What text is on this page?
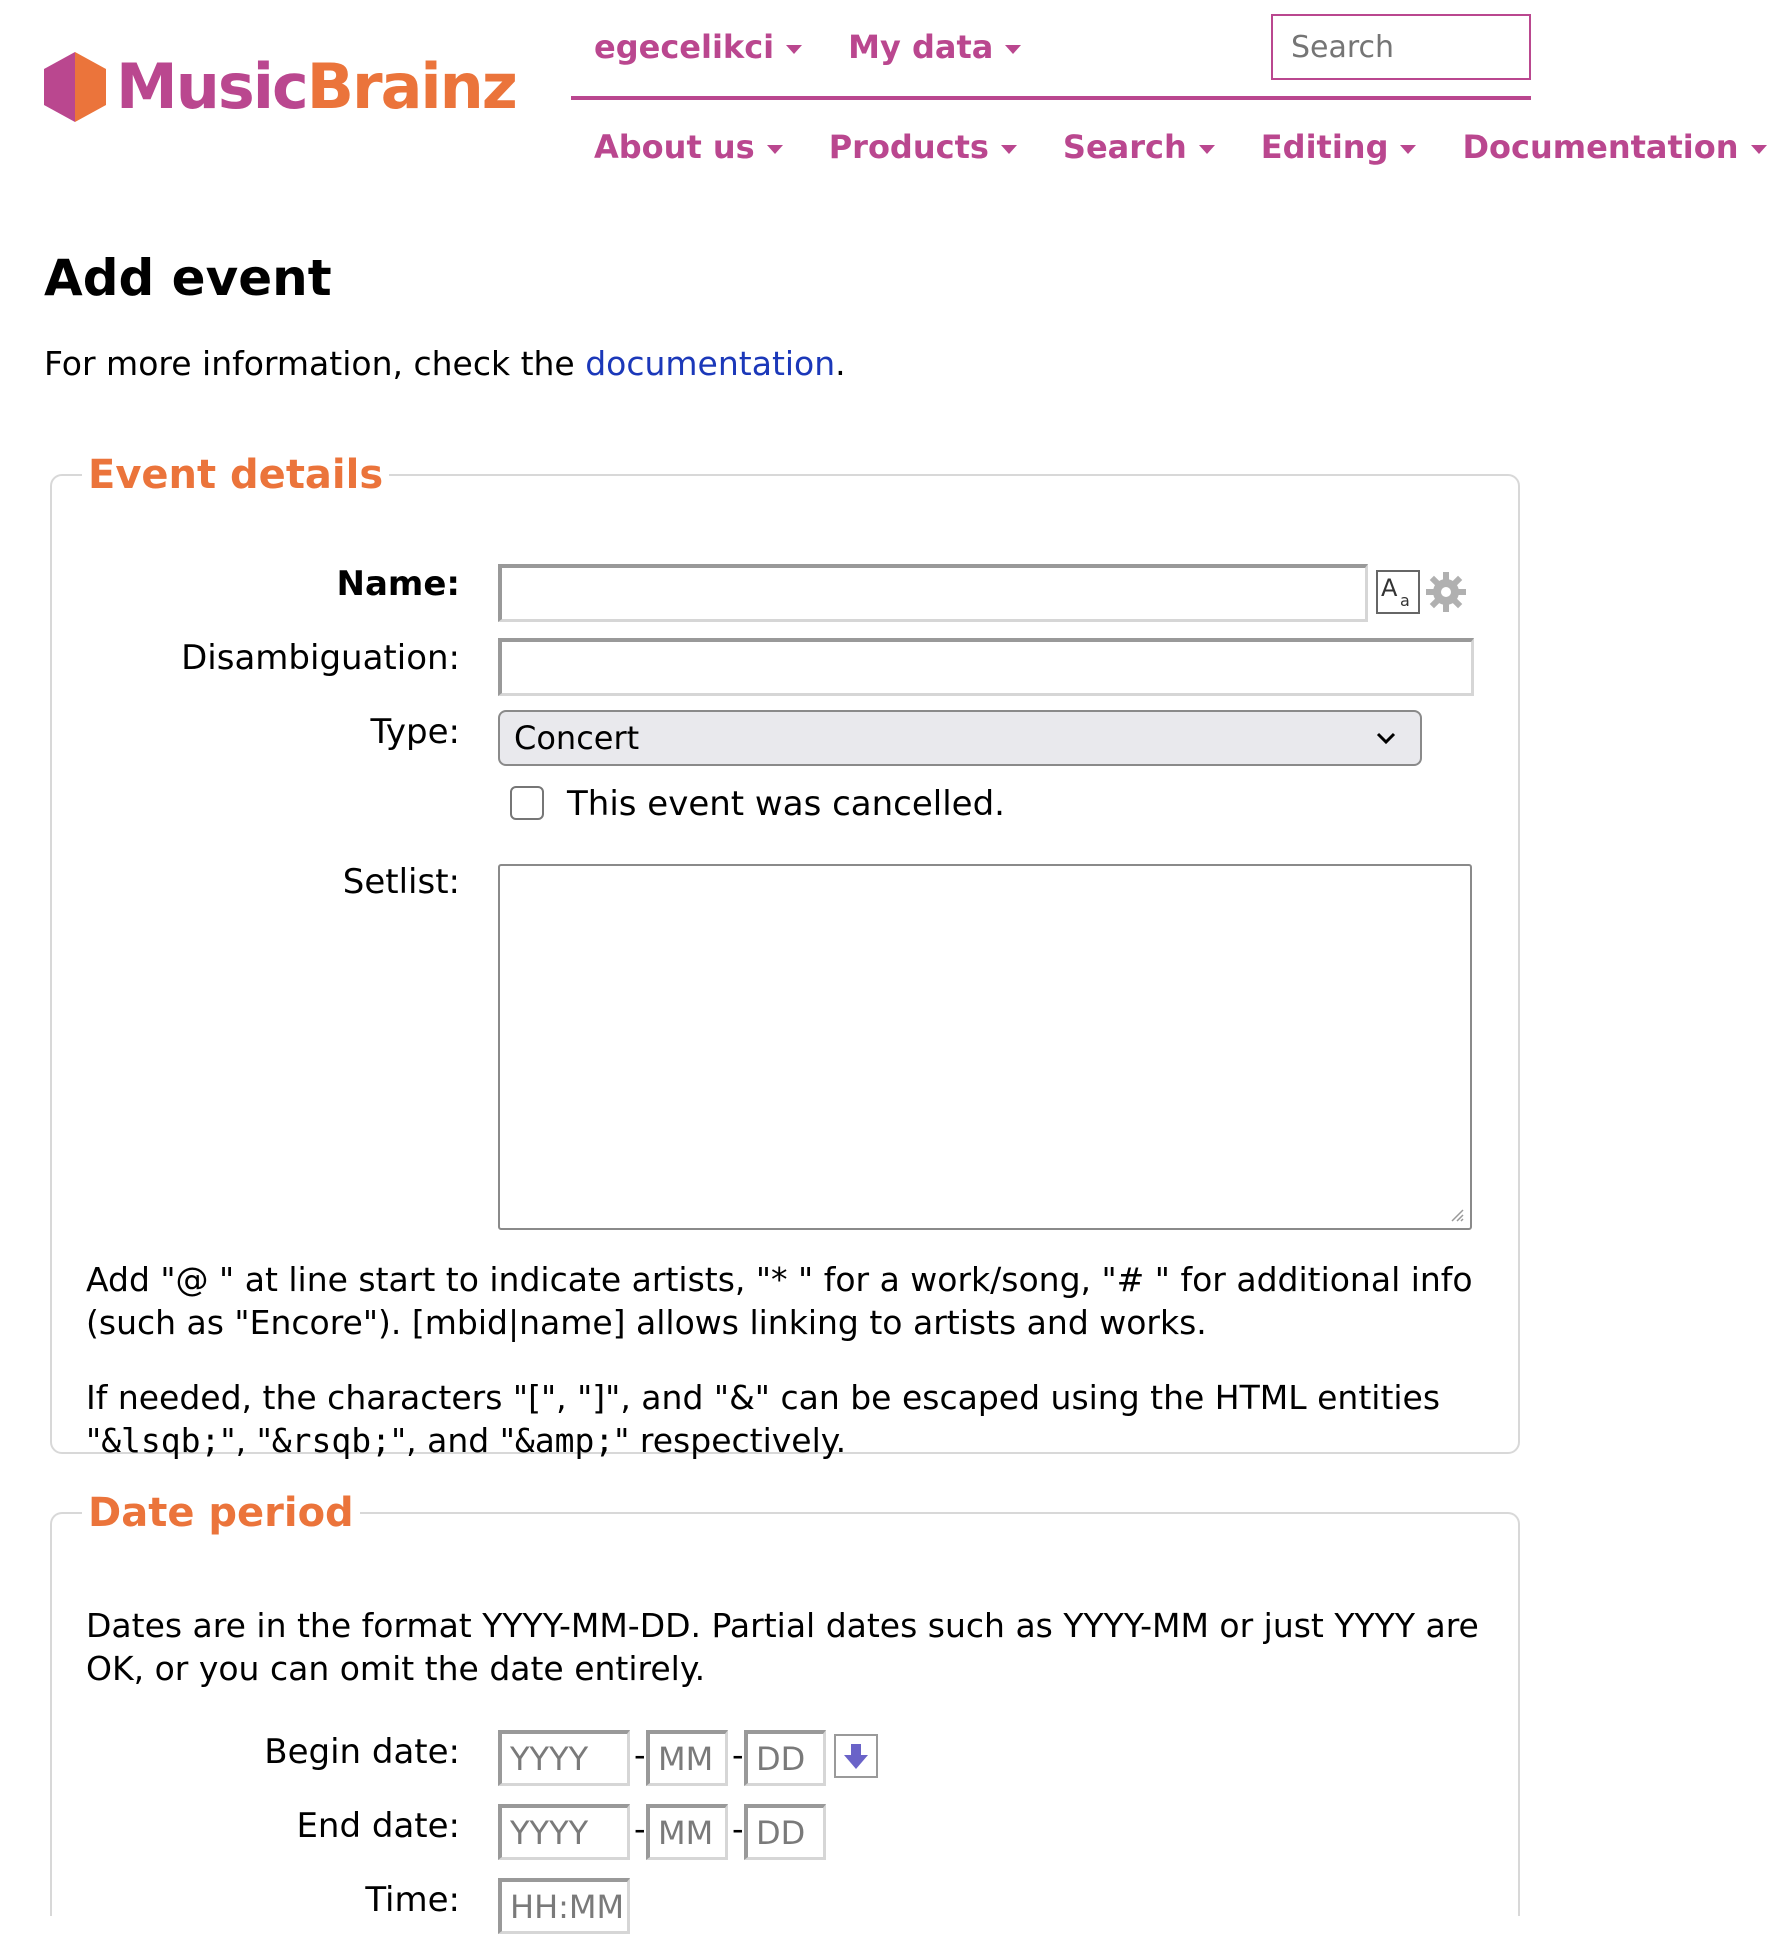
MusicBrainz
egecelikci My data
Search
About us Products Search Editing Documentation
Add event

For more information, check the documentation.

Event details
Name:	A a
Disambiguation:
Type: Concert
This event was cancelled.
Setlist:

Add "@ " at line start to indicate artists, "* " for a work/song, "# " for additional info (such as "Encore"). [mbid|name] allows linking to artists and works.

If needed, the characters "[", "]", and "&" can be escaped using the HTML entities "&lsqb;", "&rsqb;", and "&amp;" respectively.

Date period

Dates are in the format YYYY-MM-DD. Partial dates such as YYYY-MM or just YYYY are OK, or you can omit the date entirely.

Begin date:
YYYY	-
MM	-
DD
End date:
YYYY	-
MM	-
DD
Time:
HH:MM
